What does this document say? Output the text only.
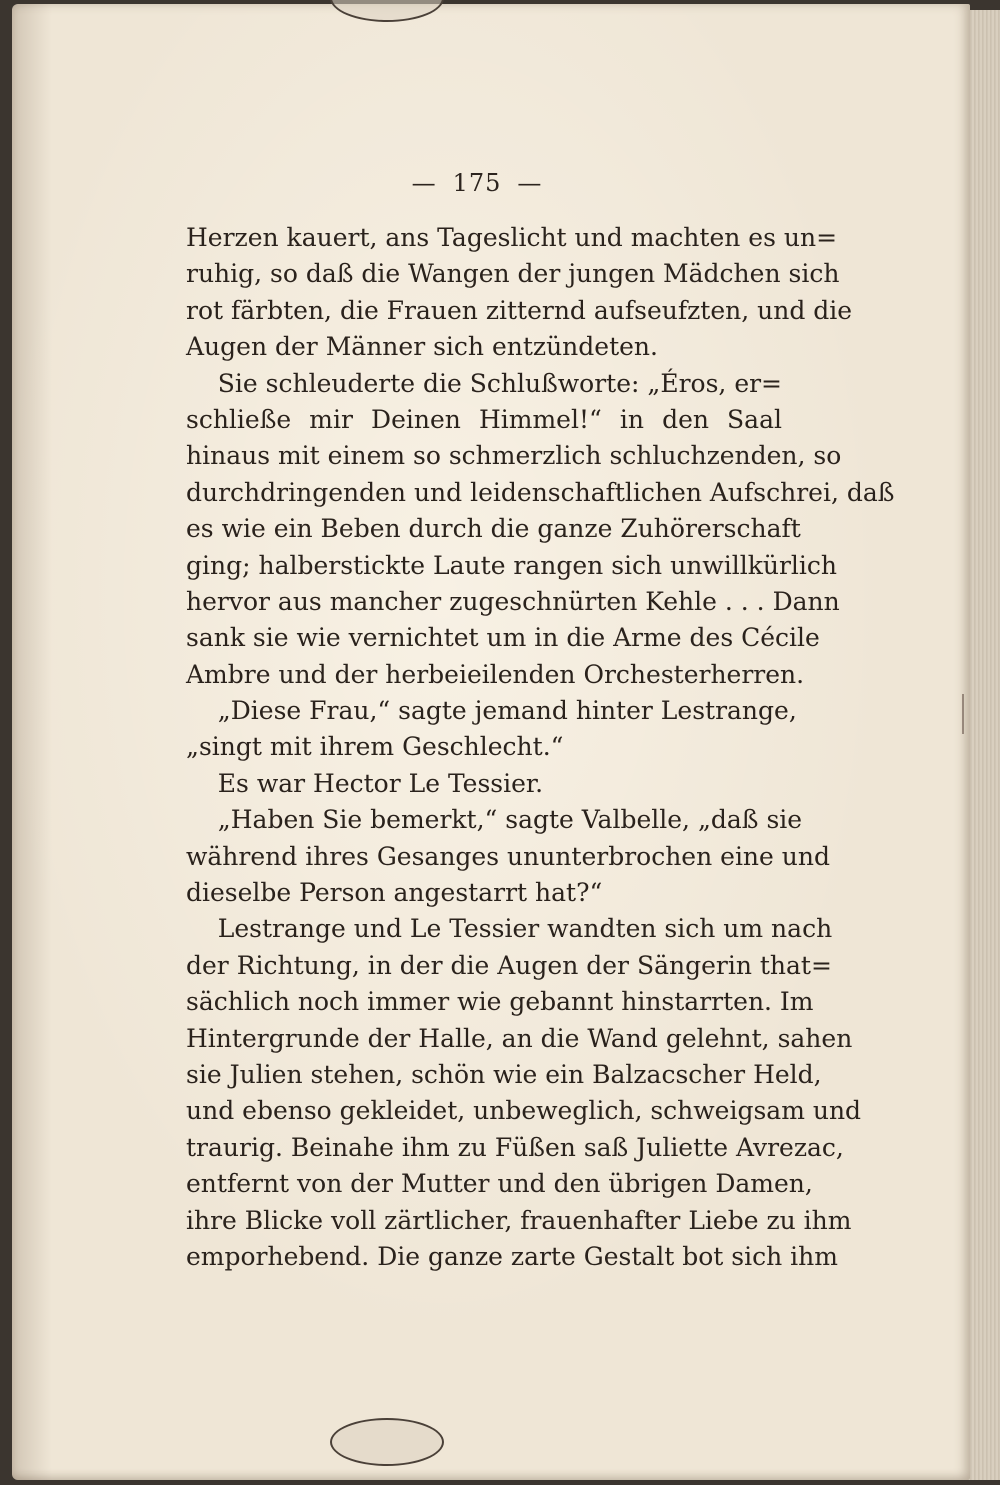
— 175 —
Herzen kauert, ans Tageslicht und machten es un=
ruhig, so daß die Wangen der jungen Mädchen sich
rot färbten, die Frauen zitternd aufseufzten, und die
Augen der Männer sich entzündeten.
Sie schleuderte die Schlußworte: „Éros, er=
schließe mir Deinen Himmel!“ in den Saal
hinaus mit einem so schmerzlich schluchzenden, so
durchdringenden und leidenschaftlichen Aufschrei, daß
es wie ein Beben durch die ganze Zuhörerschaft
ging; halberstickte Laute rangen sich unwillkürlich
hervor aus mancher zugeschnürten Kehle . . . Dann
sank sie wie vernichtet um in die Arme des Cécile
Ambre und der herbeieilenden Orchesterherren.
„Diese Frau,“ sagte jemand hinter Lestrange,
„singt mit ihrem Geschlecht.“
Es war Hector Le Tessier.
„Haben Sie bemerkt,“ sagte Valbelle, „daß sie
während ihres Gesanges ununterbrochen eine und
dieselbe Person angestarrt hat?“
Lestrange und Le Tessier wandten sich um nach
der Richtung, in der die Augen der Sängerin that=
sächlich noch immer wie gebannt hinstarrten. Im
Hintergrunde der Halle, an die Wand gelehnt, sahen
sie Julien stehen, schön wie ein Balzacscher Held,
und ebenso gekleidet, unbeweglich, schweigsam und
traurig. Beinahe ihm zu Füßen saß Juliette Avrezac,
entfernt von der Mutter und den übrigen Damen,
ihre Blicke voll zärtlicher, frauenhafter Liebe zu ihm
emporhebend. Die ganze zarte Gestalt bot sich ihm
